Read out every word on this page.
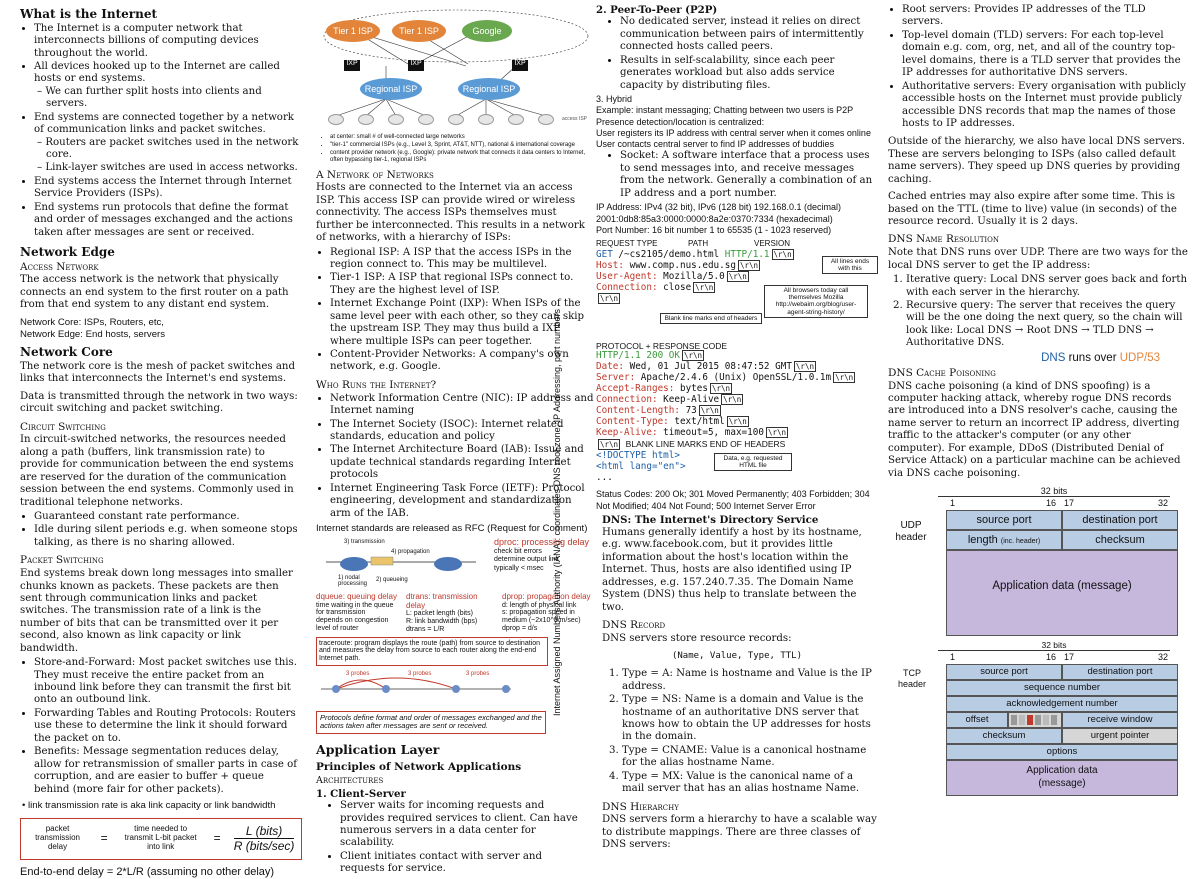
What is the Internet
• The Internet is a computer network that interconnects billions of computing devices throughout the world.
• All devices hooked up to the Internet are called hosts or end systems.
– We can further split hosts into clients and servers.
• End systems are connected together by a network of communication links and packet switches.
– Routers are packet switches used in the network core.
– Link-layer switches are used in access networks.
• End systems access the Internet through Internet Service Providers (ISPs).
• End systems run protocols that define the format and order of messages exchanged and the actions taken after messages are sent or received.
Network Edge
Access Network

The access network is the network that physically connects an end system to the first router on a path from that end system to any distant end system.

Network Core: ISPs, Routers, etc,
Network Edge: End hosts, servers
Network Core

The network core is the mesh of packet switches and links that interconnects the Internet's end systems.

Data is transmitted through the network in two ways: circuit switching and packet switching.

Circuit Switching

In circuit-switched networks, the resources needed along a path (buffers, link transmission rate) to provide for communication between the end systems are reserved for the duration of the communication session between the end systems. Commonly used in traditional telephone networks.

• Guaranteed constant rate performance.
• Idle during silent periods e.g. when someone stops talking, as there is no sharing allowed.
Packet Switching

End systems break down long messages into smaller chunks known as packets. These packets are then sent through communication links and packet switches. The transmission rate of a link is the number of bits that can be transmitted over it per second, also known as link capacity or link bandwidth.

• Store-and-Forward: Most packet switches use this. They must receive the entire packet from an inbound link before they can transmit the first bit onto an outbound link.
• Forwarding Tables and Routing Protocols: Routers use these to determine the link it should forward the packet on to.
• Benefits: Message segmentation reduces delay, allow for retransmission of smaller parts in case of corruption, and are easier to buffer + queue behind (more fair for other packets).
• link transmission rate is aka link capacity or link bandwidth
packet transmission delay
=
time needed to transmit L-bit packet into link
= $\frac{\text{L (bits)}}{\text{R (bits/sec)}}$
End-to-end delay = 2*L/R (assuming no other delay)
Tier 1 ISP	Tier 1 ISP	Google
IXP	IXP	IXP
Regional ISP	Regional ISP
access ISP
• at center: small # of well-connected large networks
• "tier-1" commercial ISPs (e.g., Level 3, Sprint, AT&T, NTT), national & international coverage
• content provider network (e.g., Google): private network that connects it data centers to Internet, often bypassing tier-1, regional ISPs
A Network of Networks

Hosts are connected to the Internet via an access ISP. This access ISP can provide wired or wireless connectivity. The access ISPs themselves must further be interconnected. This results in a network of networks, with a hierarchy of ISPs:

• Regional ISP: A ISP that the access ISPs in the region connect to. This may be multilevel.
• Tier-1 ISP: A ISP that regional ISPs connect to. They are the highest level of ISP.
• Internet Exchange Point (IXP): When ISPs of the same level peer with each other, so they can skip the upstream ISP. They may thus build a IXP where multiple ISPs can peer together.
• Content-Provider Networks: A company's own network, e.g. Google.
Who Runs the Internet?
• Network Information Centre (NIC): IP address and Internet naming
• The Internet Society (ISOC): Internet related standards, education and policy
• The Internet Architecture Board (IAB): Issue and update technical standards regarding Internet protocols
• Internet Engineering Task Force (IETF): Protocol engineering, development and standardization arm of the IAB.
Internet standards are released as RFC (Request for Comment)
3) transmission
4) propagation
1) nodal processing
2) queueing
dproc: processing delay
check bit errors
determine output link
typically < msec
dqueue: queuing delay
time waiting in the queue for transmission
depends on congestion level of router
dtrans: transmission delay
L: packet length (bits)
R: link bandwidth (bps)
dtrans = L/R
dprop: propagation delay
d: length of physical link
s: propagation speed in medium (~2x10^8 m/sec)
dprop = d/s
traceroute: program displays the route (path) from source to destination and measures the delay from source to each router along the end-end Internet path.
3 probes	3 probes	3 probes
Protocols define format and order of messages exchanged and the actions taken after messages are sent or received.
Internet Assigned Numbers Authority (IANA): coordinates DNS root zone, IP Addressing, port numbers
Application Layer
Principles of Network Applications
Architectures
1. Client-Server
• Server waits for incoming requests and provides required services to client. Can have numerous servers in a data center for scalability.
• Client initiates contact with server and requests for service.
2. Peer-To-Peer (P2P)
• No dedicated server, instead it relies on direct communication between pairs of intermittently connected hosts called peers.
• Results in self-scalability, since each peer generates workload but also adds service capacity by distributing files.
3. Hybrid
Example: instant messaging; Chatting between two users is P2P
Presence detection/location is centralized:
User registers its IP address with central server when it comes online
User contacts central server to find IP addresses of buddies
• Socket: A software interface that a process uses to send messages into, and receive messages from the network. Generally a combination of an IP address and a port number.
IP Address: IPv4 (32 bit), IPv6 (128 bit) 192.168.0.1 (decimal)
2001:0db8:85a3:0000:0000:8a2e:0370:7334 (hexadecimal)
Port Number: 16 bit number 1 to 65535 (1 - 1023 reserved)
REQUEST TYPE	PATH	VERSION
GET /~cs2105/demo.html HTTP/1.1 \r\n
Host: www.comp.nus.edu.sg \r\n
User-Agent: Mozilla/5.0 \r\n
Connection: close \r\n
\r\n
All lines ends with this
All browsers today call themselves Mozilla http://webaim.org/blog/user-agent-string-history/
Blank line marks end of headers
PROTOCOL + RESPONSE CODE
HTTP/1.1 200 OK \r\n
Date: Wed, 01 Jul 2015 08:47:52 GMT \r\n
Server: Apache/2.4.6 (Unix) OpenSSL/1.0.1m \r\n
Accept-Ranges: bytes \r\n
Connection: Keep-Alive \r\n
Content-Length: 73 \r\n
Content-Type: text/html \r\n
Keep-Alive: timeout=5, max=100 \r\n
\r\n BLANK LINE MARKS END OF HEADERS
<!DOCTYPE html>
<html lang="en">
...
Data, e.g. requested HTML file
Status Codes: 200 Ok; 301 Moved Permanently; 403 Forbidden; 304 Not Modified; 404 Not Found; 500 Internet Server Error
DNS: The Internet's Directory Service

Humans generally identify a host by its hostname, e.g. www.facebook.com, but it provides little information about the host's location within the Internet. Thus, hosts are also identified using IP addresses, e.g. 157.240.7.35. The Domain Name System (DNS) thus help to translate between the two.

DNS Record

DNS servers store resource records:

(Name, Value, Type, TTL)
1. Type = A: Name is hostname and Value is the IP address.
2. Type = NS: Name is a domain and Value is the hostname of an authoritative DNS server that knows how to obtain the UP addresses for hosts in the domain.
3. Type = CNAME: Value is a canonical hostname for the alias hostname Name.
4. Type = MX: Value is the canonical name of a mail server that has an alias hostname Name.
DNS Hierarchy

DNS servers form a hierarchy to have a scalable way to distribute mappings. There are three classes of DNS servers:

• Root servers: Provides IP addresses of the TLD servers.
• Top-level domain (TLD) servers: For each top-level domain e.g. com, org, net, and all of the country top-level domains, there is a TLD server that provides the IP addresses for authoritative DNS servers.
• Authoritative servers: Every organisation with publicly accessible hosts on the Internet must provide publicly accessible DNS records that map the names of those hosts to IP addresses.

Outside of the hierarchy, we also have local DNS servers. These are servers belonging to ISPs (also called default name servers). They speed up DNS queries by providing caching.

Cached entries may also expire after some time. This is based on the TTL (time to live) value (in seconds) of the resource record. Usually it is 2 days.

DNS Name Resolution

Note that DNS runs over UDP. There are two ways for the local DNS server to get the IP address:

1. Iterative query: Local DNS server goes back and forth with each server in the hierarchy.
2. Recursive query: The server that receives the query will be the one doing the next query, so the chain will look like: Local DNS → Root DNS → TLD DNS → Authoritative DNS.
DNS runs over UDP/53
DNS Cache Poisoning

DNS cache poisoning (a kind of DNS spoofing) is a computer hacking attack, whereby rogue DNS records are introduced into a DNS resolver's cache, causing the name server to return an incorrect IP address, diverting traffic to the attacker's computer (or any other computer). For example, DDoS (Distributed Denial of Service Attack) on a particular machine can be achieved via DNS cache poisoning.

32 bits
1	16 17	32
UDP header
source port	destination port
length (inc. header)	checksum
Application data (message)
32 bits
1	16 17	32
TCP header
source port	destination port
sequence number
acknowledgement number
offset	receive window
checksum	urgent pointer
options
Application data (message)
